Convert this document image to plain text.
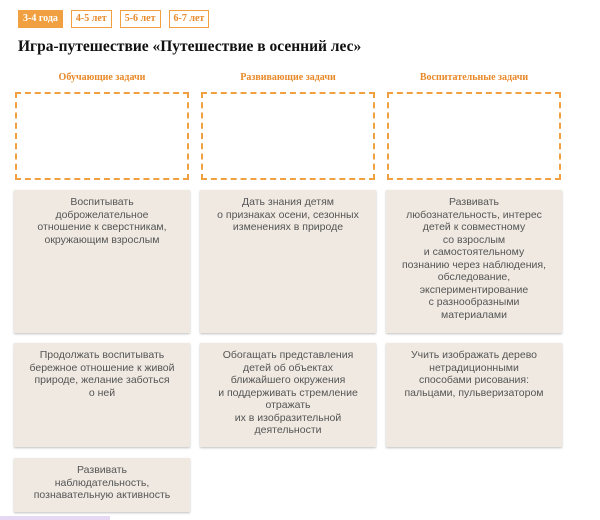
3-4 года	4-5 лет	5-6 лет	6-7 лет
Игра-путешествие «Путешествие в осенний лес»
Обучающие задачи	Развивающие задачи	Воспитательные задачи
Воспитывать
доброжелательное
отношение к сверстникам,
окружающим взрослым
Дать знания детям
о признаках осени, сезонных
изменениях в природе
Развивать
любознательность, интерес
детей к совместному
со взрослым
и самостоятельному
познанию через наблюдения,
обследование,
экспериментирование
с разнообразными
материалами
Продолжать воспитывать
бережное отношение к живой
природе, желание заботься
о ней
Обогащать представления
детей об объектах
ближайшего окружения
и поддерживать стремление
отражать
их в изобразительной
деятельности
Учить изображать дерево
нетрадиционными
способами рисования:
пальцами, пульверизатором
Развивать
наблюдательность,
познавательную активность
